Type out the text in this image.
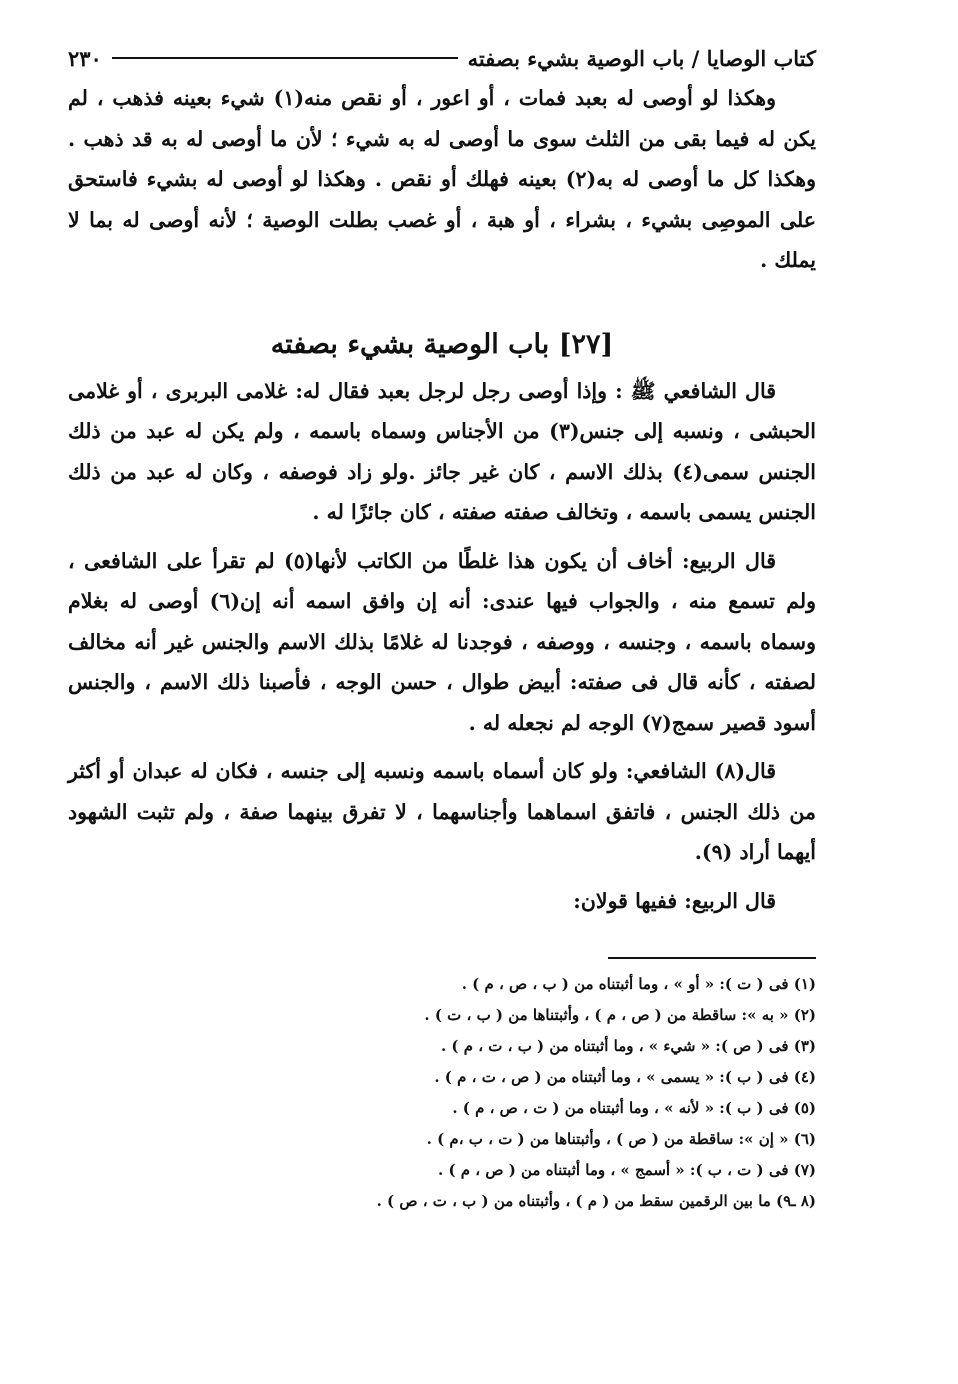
كتاب الوصايا / باب الوصية بشيء بصفته
٢٣٠

وهكذا لو أوصى له بعبد فمات ، أو اعور ، أو نقص منه(١) شيء بعينه فذهب ، لم يكن له فيما بقى من الثلث سوى ما أوصى له به شيء ؛ لأن ما أوصى له به قد ذهب . وهكذا كل ما أوصى له به(٢) بعينه فهلك أو نقص . وهكذا لو أوصى له بشيء فاستحق على الموصِى بشيء ، بشراء ، أو هبة ، أو غصب بطلت الوصية ؛ لأنه أوصى له بما لا يملك .

[٢٧] باب الوصية بشيء بصفته

قال الشافعي ﷺ : وإذا أوصى رجل لرجل بعبد فقال له: غلامى البربرى ، أو غلامى الحبشى ، ونسبه إلى جنس(٣) من الأجناس وسماه باسمه ، ولم يكن له عبد من ذلك الجنس سمى(٤) بذلك الاسم ، كان غير جائز .ولو زاد فوصفه ، وكان له عبد من ذلك الجنس يسمى باسمه ، وتخالف صفته صفته ، كان جائزًا له .

قال الربيع: أخاف أن يكون هذا غلطًا من الكاتب لأنها(٥) لم تقرأ على الشافعى ، ولم تسمع منه ، والجواب فيها عندى: أنه إن وافق اسمه أنه إن(٦) أوصى له بغلام وسماه باسمه ، وجنسه ، ووصفه ، فوجدنا له غلامًا بذلك الاسم والجنس غير أنه مخالف لصفته ، كأنه قال فى صفته: أبيض طوال ، حسن الوجه ، فأصبنا ذلك الاسم ، والجنس أسود قصير سمج(٧) الوجه لم نجعله له .

قال(٨) الشافعي: ولو كان أسماه باسمه ونسبه إلى جنسه ، فكان له عبدان أو أكثر من ذلك الجنس ، فاتفق اسماهما وأجناسهما ، لا تفرق بينهما صفة ، ولم تثبت الشهود أيهما أراد (٩).

قال الربيع: ففيها قولان:

(١) فى ( ت ): « أو » ، وما أثبتناه من ( ب ، ص ، م ) .

(٢) « به »: ساقطة من ( ص ، م ) ، وأثبتناها من ( ب ، ت ) .

(٣) فى ( ص ): « شيء » ، وما أثبتناه من ( ب ، ت ، م ) .

(٤) فى ( ب ): « يسمى » ، وما أثبتناه من ( ص ، ت ، م ) .

(٥) فى ( ب ): « لأنه » ، وما أثبتناه من ( ت ، ص ، م ) .

(٦) « إن »: ساقطة من ( ص ) ، وأثبتناها من ( ت ، ب ،م ) .

(٧) فى ( ت ، ب ): « أسمج » ، وما أثبتناه من ( ص ، م ) .

(٨ ـ٩) ما بين الرقمين سقط من ( م ) ، وأثبتناه من ( ب ، ت ، ص ) .
